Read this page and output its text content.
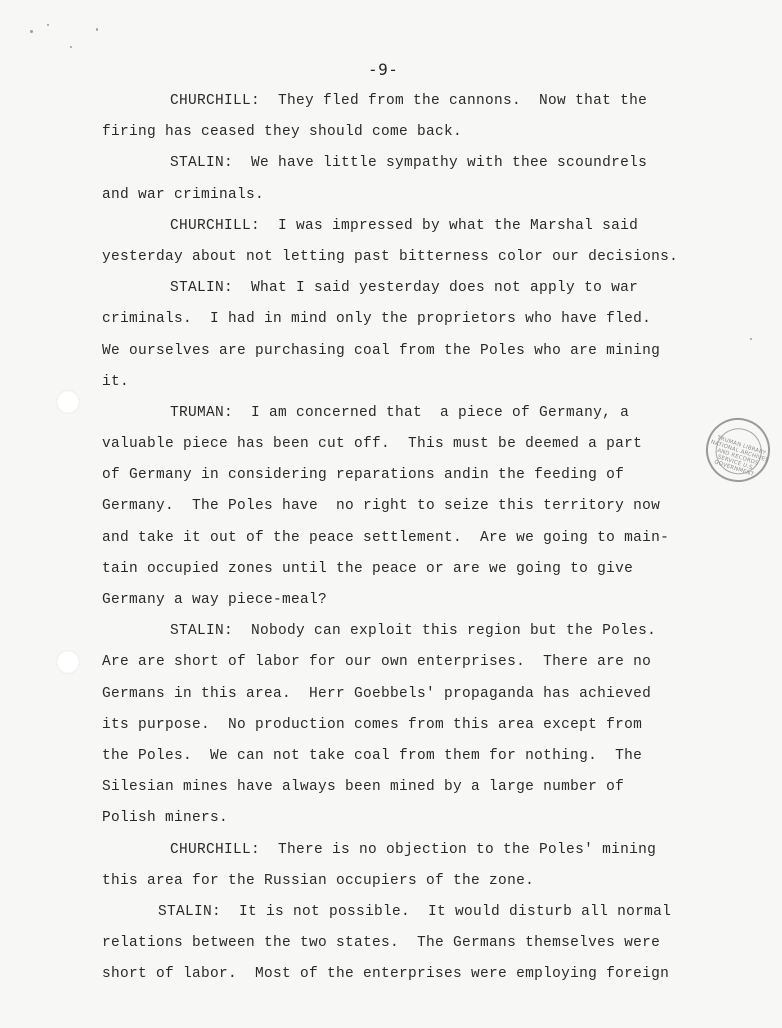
-9-
TRUMAN LIBRARY NATIONAL ARCHIVES AND RECORDS SERVICE U.S. GOVERNMENT
CHURCHILL:  They fled from the cannons.  Now that the
firing has ceased they should come back.
STALIN:  We have little sympathy with thee scoundrels
and war criminals.
CHURCHILL:  I was impressed by what the Marshal said
yesterday about not letting past bitterness color our decisions.
STALIN:  What I said yesterday does not apply to war
criminals.  I had in mind only the proprietors who have fled.
We ourselves are purchasing coal from the Poles who are mining
it.
TRUMAN:  I am concerned that  a piece of Germany, a
valuable piece has been cut off.  This must be deemed a part
of Germany in considering reparations andin the feeding of
Germany.  The Poles have  no right to seize this territory now
and take it out of the peace settlement.  Are we going to main-
tain occupied zones until the peace or are we going to give
Germany a way piece-meal?
STALIN:  Nobody can exploit this region but the Poles.
Are are short of labor for our own enterprises.  There are no
Germans in this area.  Herr Goebbels' propaganda has achieved
its purpose.  No production comes from this area except from
the Poles.  We can not take coal from them for nothing.  The
Silesian mines have always been mined by a large number of
Polish miners.
CHURCHILL:  There is no objection to the Poles' mining
this area for the Russian occupiers of the zone.
STALIN:  It is not possible.  It would disturb all normal
relations between the two states.  The Germans themselves were
short of labor.  Most of the enterprises were employing foreign
